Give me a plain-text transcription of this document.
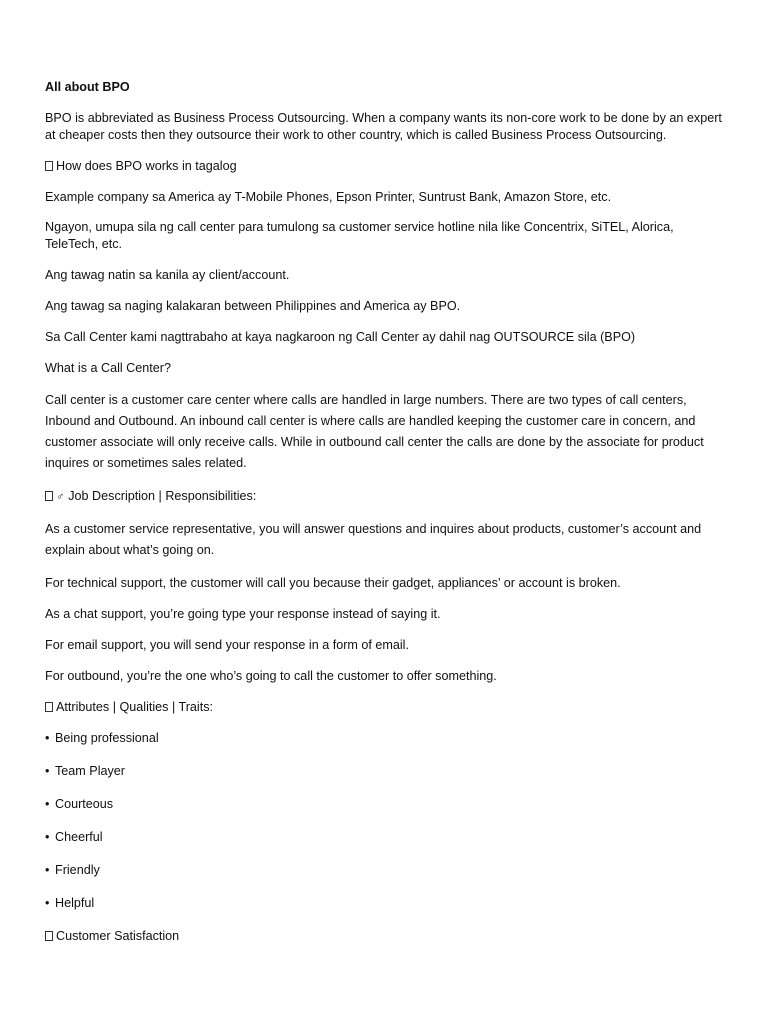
All about BPO

BPO is abbreviated as Business Process Outsourcing. When a company wants its non-core work to be done by an expert at cheaper costs then they outsource their work to other country, which is called Business Process Outsourcing.

How does BPO works in tagalog

Example company sa America ay T-Mobile Phones, Epson Printer, Suntrust Bank, Amazon Store, etc.

Ngayon, umupa sila ng call center para tumulong sa customer service hotline nila like Concentrix, SiTEL, Alorica, TeleTech, etc.

Ang tawag natin sa kanila ay client/account.

Ang tawag sa naging kalakaran between Philippines and America ay BPO.

Sa Call Center kami nagttrabaho at kaya nagkaroon ng Call Center ay dahil nag OUTSOURCE sila (BPO)

What is a Call Center?

Call center is a customer care center where calls are handled in large numbers. There are two types of call centers, Inbound and Outbound. An inbound call center is where calls are handled keeping the customer care in concern, and customer associate will only receive calls. While in outbound call center the calls are done by the associate for product inquires or sometimes sales related.

♂ Job Description | Responsibilities:

As a customer service representative, you will answer questions and inquires about products, customer’s account and explain about what’s going on.

For technical support, the customer will call you because their gadget, appliances’ or account is broken.

As a chat support, you’re going type your response instead of saying it.

For email support, you will send your response in a form of email.

For outbound, you’re the one who’s going to call the customer to offer something.

Attributes | Qualities | Traits:

• Being professional

• Team Player

• Courteous

• Cheerful

• Friendly

• Helpful

Customer Satisfaction
